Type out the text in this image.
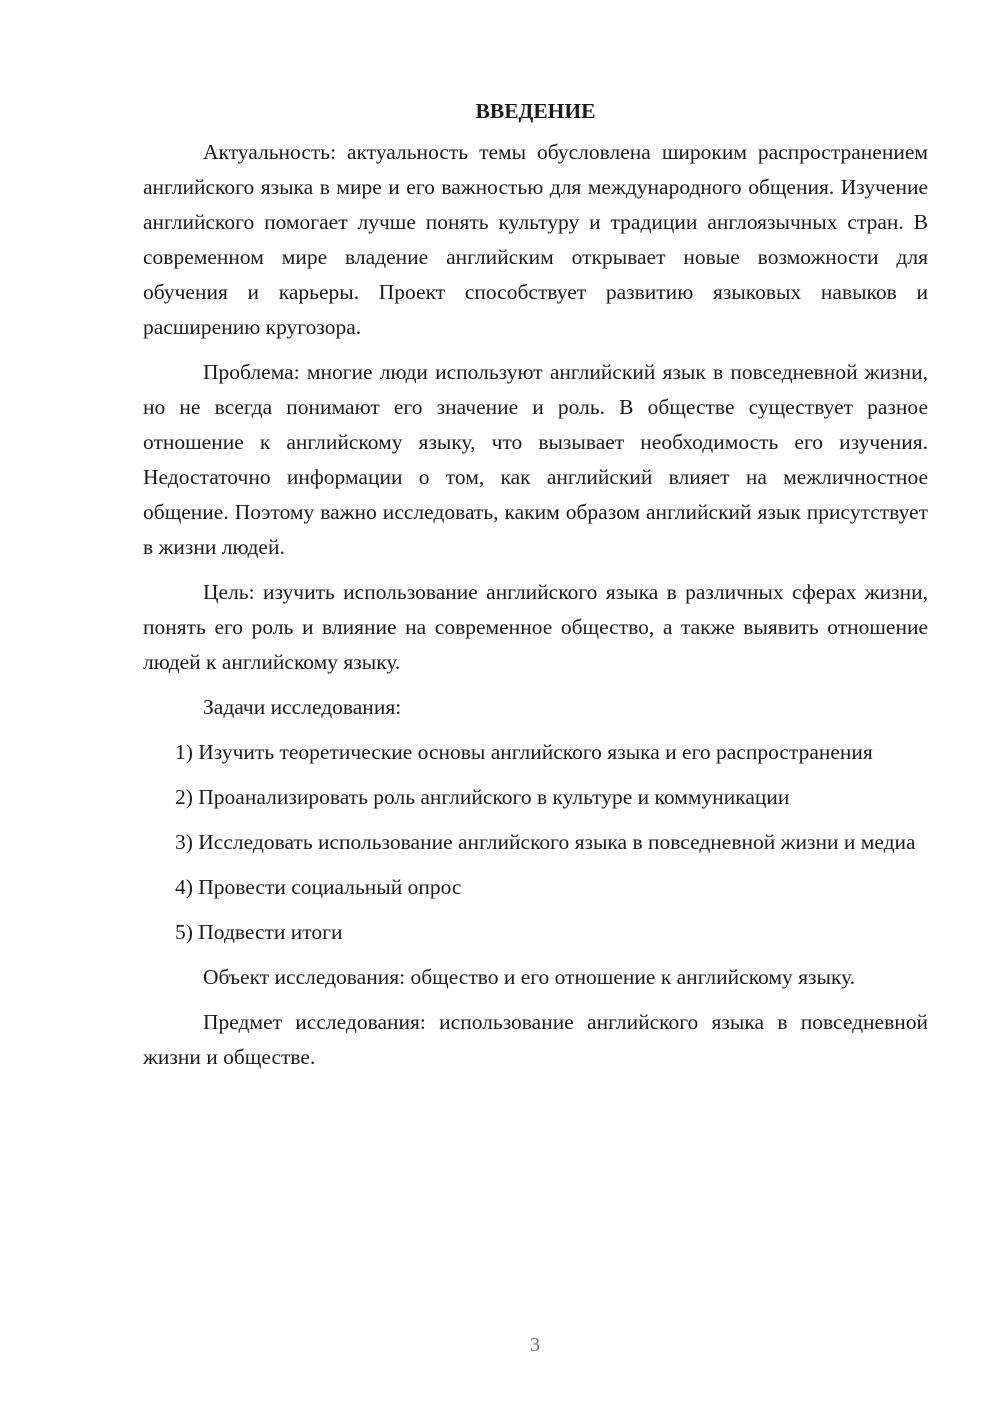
ВВЕДЕНИЕ

Актуальность: актуальность темы обусловлена широким распространением английского языка в мире и его важностью для международного общения. Изучение английского помогает лучше понять культуру и традиции англоязычных стран. В современном мире владение английским открывает новые возможности для обучения и карьеры. Проект способствует развитию языковых навыков и расширению кругозора.

Проблема: многие люди используют английский язык в повседневной жизни, но не всегда понимают его значение и роль. В обществе существует разное отношение к английскому языку, что вызывает необходимость его изучения. Недостаточно информации о том, как английский влияет на межличностное общение. Поэтому важно исследовать, каким образом английский язык присутствует в жизни людей.

Цель: изучить использование английского языка в различных сферах жизни, понять его роль и влияние на современное общество, а также выявить отношение людей к английскому языку.

Задачи исследования:

1) Изучить теоретические основы английского языка и его распространения

2) Проанализировать роль английского в культуре и коммуникации

3) Исследовать использование английского языка в повседневной жизни и медиа

4) Провести социальный опрос

5) Подвести итоги

Объект исследования: общество и его отношение к английскому языку.

Предмет исследования: использование английского языка в повседневной жизни и обществе.

3
